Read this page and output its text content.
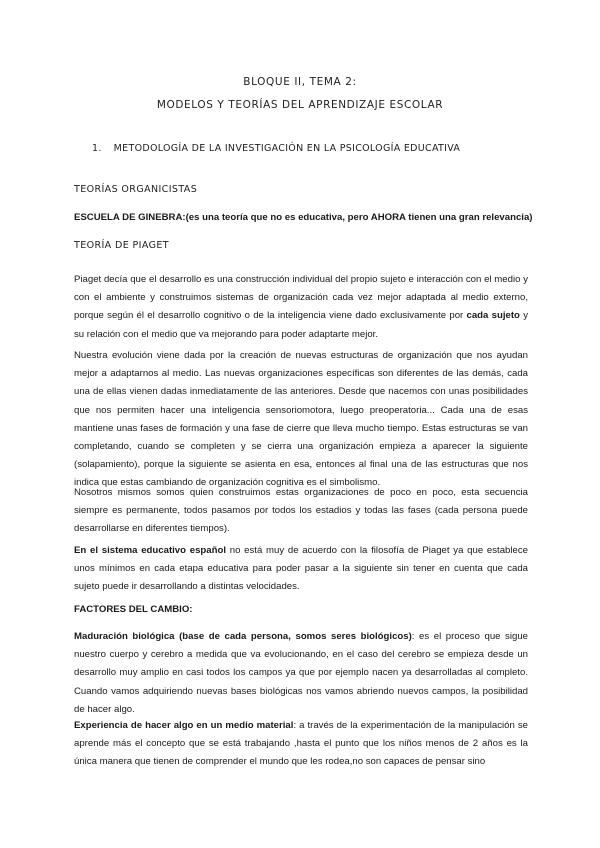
BLOQUE II, TEMA 2:
MODELOS Y TEORÍAS DEL APRENDIZAJE ESCOLAR
1. METODOLOGÍA DE LA INVESTIGACIÓN EN LA PSICOLOGÍA EDUCATIVA
TEORÍAS ORGANICISTAS
ESCUELA DE GINEBRA:(es una teoría que no es educativa, pero AHORA tienen una gran relevancia)
TEORÍA DE PIAGET

Piaget decía que el desarrollo es una construcción individual del propio sujeto e interacción con el medio y con el ambiente y construimos sistemas de organización cada vez mejor adaptada al medio externo, porque según él el desarrollo cognitivo o de la inteligencia viene dado exclusivamente por cada sujeto y su relación con el medio que va mejorando para poder adaptarte mejor.

Nuestra evolución viene dada por la creación de nuevas estructuras de organización que nos ayudan mejor a adaptarnos al medio. Las nuevas organizaciones específicas son diferentes de las demás, cada una de ellas vienen dadas inmediatamente de las anteriores. Desde que nacemos con unas posibilidades que nos permiten hacer una inteligencia sensoriomotora, luego preoperatoria... Cada una de esas mantiene unas fases de formación y una fase de cierre que lleva mucho tiempo. Estas estructuras se van completando, cuando se completen y se cierra una organización empieza a aparecer la siguiente (solapamiento), porque la siguiente se asienta en esa, entonces al final una de las estructuras que nos indica que estas cambiando de organización cognitiva es el simbolismo.

Nosotros mismos somos quien construimos estas organizaciones de poco en poco, esta secuencia siempre es permanente, todos pasamos por todos los estadios y todas las fases (cada persona puede desarrollarse en diferentes tiempos).

En el sistema educativo español no está muy de acuerdo con la filosofía de Piaget ya que establece unos mínimos en cada etapa educativa para poder pasar a la siguiente sin tener en cuenta que cada sujeto puede ir desarrollando a distintas velocidades.

FACTORES DEL CAMBIO:

Maduración biológica (base de cada persona, somos seres biológicos): es el proceso que sigue nuestro cuerpo y cerebro a medida que va evolucionando, en el caso del cerebro se empieza desde un desarrollo muy amplio en casi todos los campos ya que por ejemplo nacen ya desarrolladas al completo. Cuando vamos adquiriendo nuevas bases biológicas nos vamos abriendo nuevos campos, la posibilidad de hacer algo.

Experiencia de hacer algo en un medio material: a través de la experimentación de la manipulación se aprende más el concepto que se está trabajando ,hasta el punto que los niños menos de 2 años es la única manera que tienen de comprender el mundo que les rodea,no son capaces de pensar sino
